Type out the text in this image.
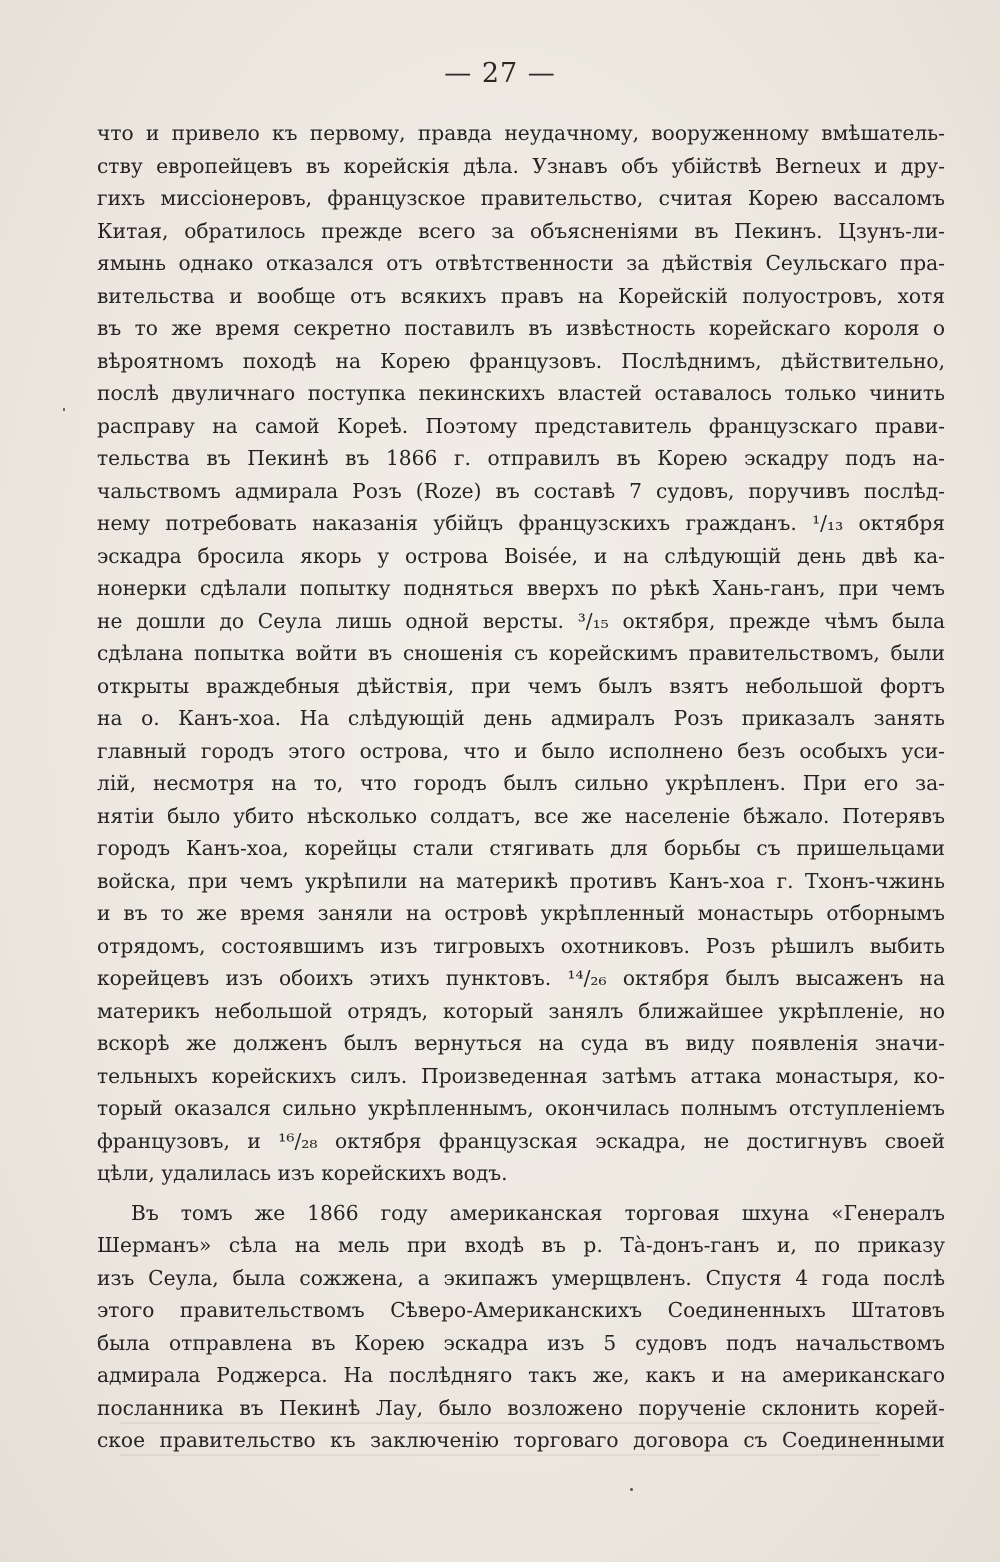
— 27 —
что и привело къ первому, правда неудачному, вооруженному вмѣшатель-
ству европейцевъ въ корейскія дѣла. Узнавъ объ убійствѣ Berneux и дру-
гихъ миссіонеровъ, французское правительство, считая Корею вассаломъ
Китая, обратилось прежде всего за объясненіями въ Пекинъ. Цзунъ-ли-
ямынь однако отказался отъ отвѣтственности за дѣйствія Сеульскаго пра-
вительства и вообще отъ всякихъ правъ на Корейскій полуостровъ, хотя
въ то же время секретно поставилъ въ извѣстность корейскаго короля о
вѣроятномъ походѣ на Корею французовъ. Послѣднимъ, дѣйствительно,
послѣ двуличнаго поступка пекинскихъ властей оставалось только чинить
расправу на самой Кореѣ. Поэтому представитель французскаго прави-
тельства въ Пекинѣ въ 1866 г. отправилъ въ Корею эскадру подъ на-
чальствомъ адмирала Розъ (Roze) въ составѣ 7 судовъ, поручивъ послѣд-
нему потребовать наказанія убійцъ французскихъ гражданъ. ¹/₁₃ октября
эскадра бросила якорь у острова Boisée, и на слѣдующій день двѣ ка-
нонерки сдѣлали попытку подняться вверхъ по рѣкѣ Хань-ганъ, при чемъ
не дошли до Сеула лишь одной версты. ³/₁₅ октября, прежде чѣмъ была
сдѣлана попытка войти въ сношенія съ корейскимъ правительствомъ, были
открыты враждебныя дѣйствія, при чемъ былъ взятъ небольшой фортъ
на о. Канъ-хоа. На слѣдующій день адмиралъ Розъ приказалъ занять
главный городъ этого острова, что и было исполнено безъ особыхъ уси-
лій, несмотря на то, что городъ былъ сильно укрѣпленъ. При его за-
нятіи было убито нѣсколько солдатъ, все же населеніе бѣжало. Потерявъ
городъ Канъ-хоа, корейцы стали стягивать для борьбы съ пришельцами
войска, при чемъ укрѣпили на материкѣ противъ Канъ-хоа г. Тхонъ-чжинь
и въ то же время заняли на островѣ укрѣпленный монастырь отборнымъ
отрядомъ, состоявшимъ изъ тигровыхъ охотниковъ. Розъ рѣшилъ выбить
корейцевъ изъ обоихъ этихъ пунктовъ. ¹⁴/₂₆ октября былъ высаженъ на
материкъ небольшой отрядъ, который занялъ ближайшее укрѣпленіе, но
вскорѣ же долженъ былъ вернуться на суда въ виду появленія значи-
тельныхъ корейскихъ силъ. Произведенная затѣмъ аттака монастыря, ко-
торый оказался сильно укрѣпленнымъ, окончилась полнымъ отступленіемъ
французовъ, и ¹⁶/₂₈ октября французская эскадра, не достигнувъ своей
цѣли, удалилась изъ корейскихъ водъ.
Въ томъ же 1866 году американская торговая шхуна «Генералъ
Шерманъ» сѣла на мель при входѣ въ р. Тà-донъ-ганъ и, по приказу
изъ Сеула, была сожжена, а экипажъ умерщвленъ. Спустя 4 года послѣ
этого правительствомъ Сѣверо-Американскихъ Соединенныхъ Штатовъ
была отправлена въ Корею эскадра изъ 5 судовъ подъ начальствомъ
адмирала Роджерса. На послѣдняго такъ же, какъ и на американскаго
посланника въ Пекинѣ Лау, было возложено порученіе склонить корей-
ское правительство къ заключенію торговаго договора съ Соединенными
